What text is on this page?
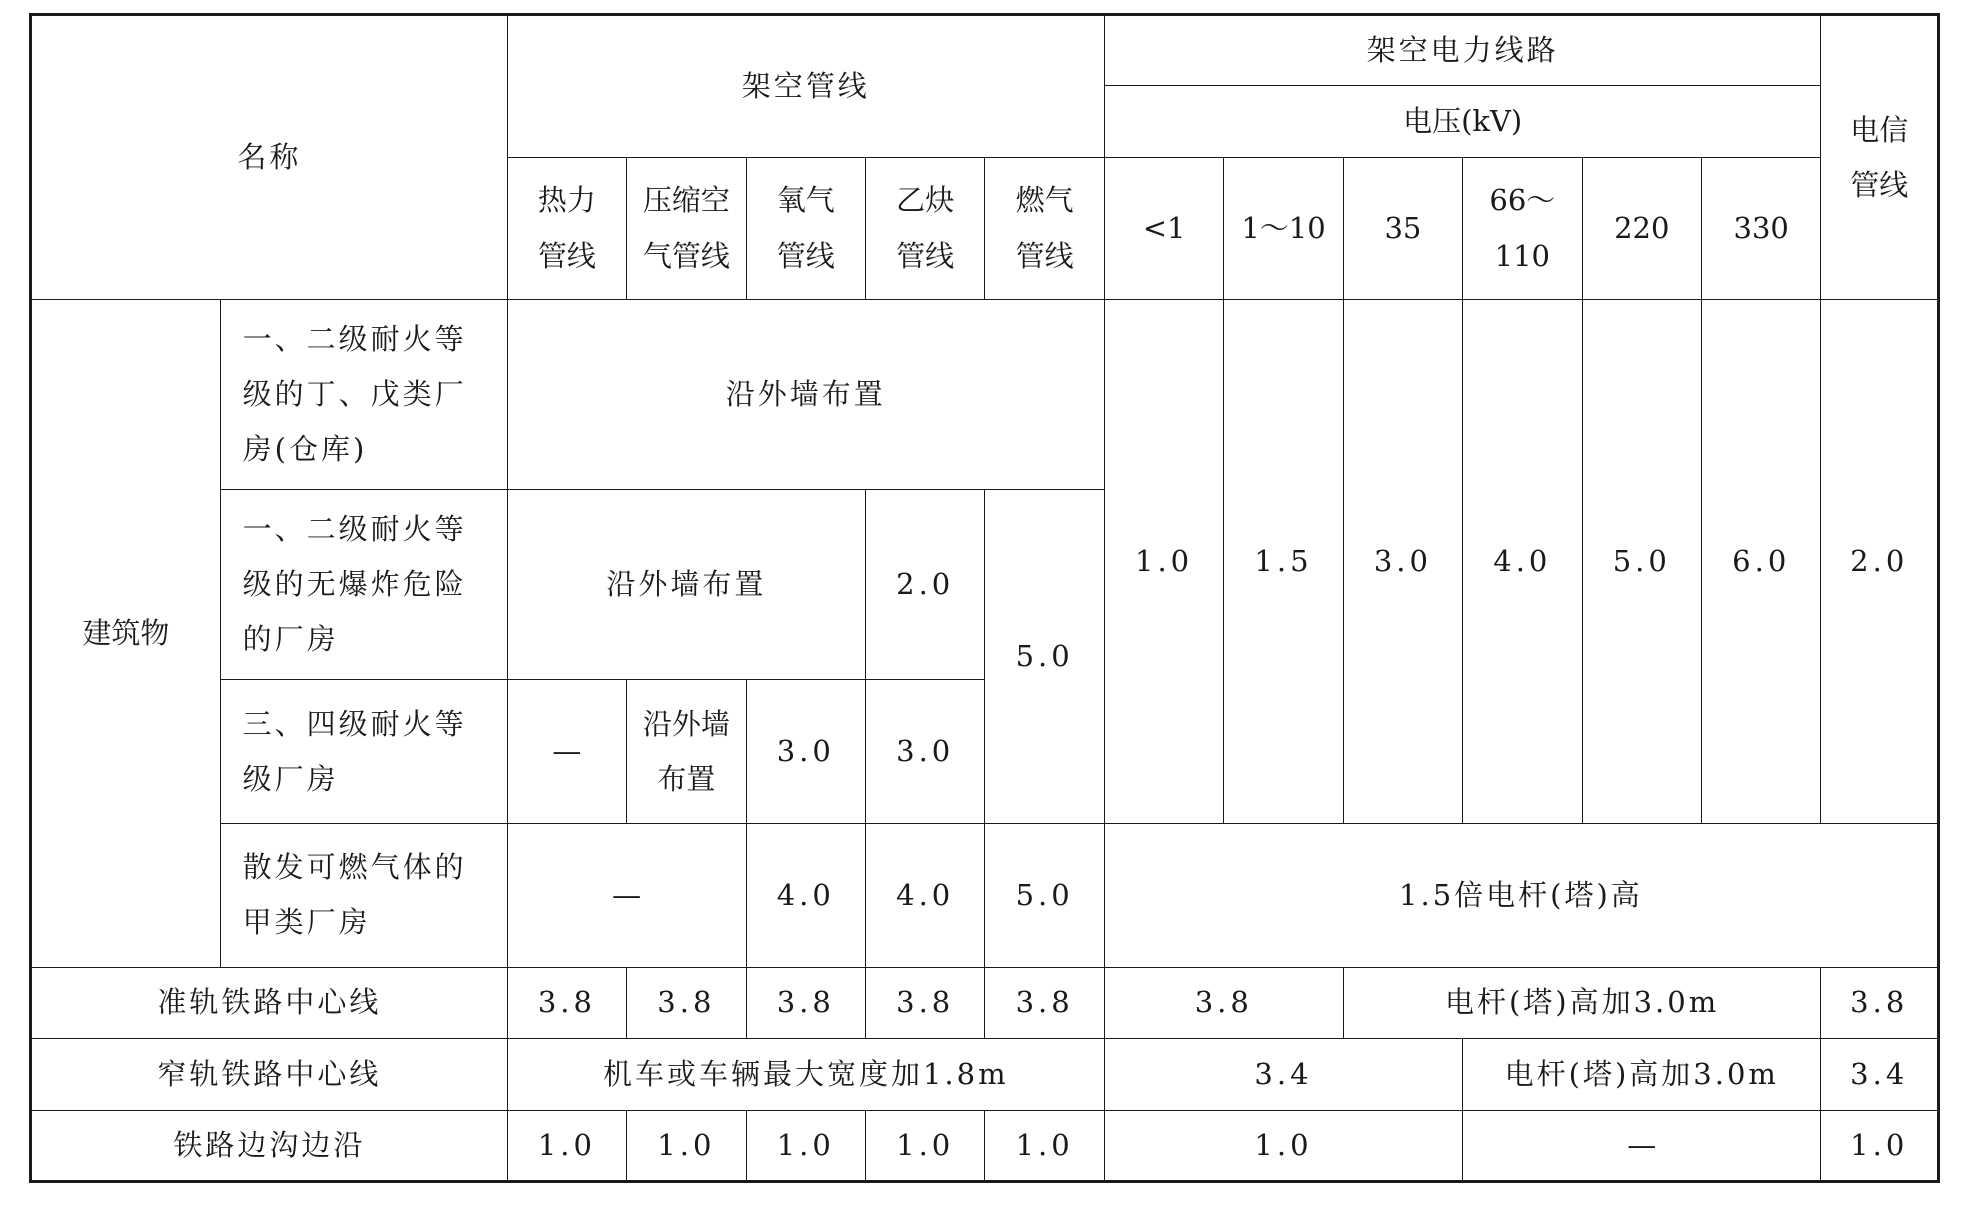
名称		架空管线					架空电力线路						电信管线

							电压(kV)						

		热力管线	压缩空气管线	氧气管线	乙炔管线	燃气管线	<1	1～10	35	66～110	220	330	
建筑物	一、二级耐火等级的丁、戊类厂房(仓库)	沿外墙布置					1.0	1.5	3.0	4.0	5.0	6.0	2.0
	一、二级耐火等级的无爆炸危险的厂房	沿外墙布置			2.0	5.0							
	三、四级耐火等级厂房	—	沿外墙布置	3.0	3.0								
	散发可燃气体的甲类厂房	—		4.0	4.0	5.0	1.5倍电杆(塔)高						
准轨铁路中心线		3.8	3.8	3.8	3.8	3.8	3.8		电杆(塔)高加3.0m				3.8
窄轨铁路中心线		机车或车辆最大宽度加1.8m					3.4			电杆(塔)高加3.0m			3.4
铁路边沟边沿		1.0	1.0	1.0	1.0	1.0	1.0			—			1.0
